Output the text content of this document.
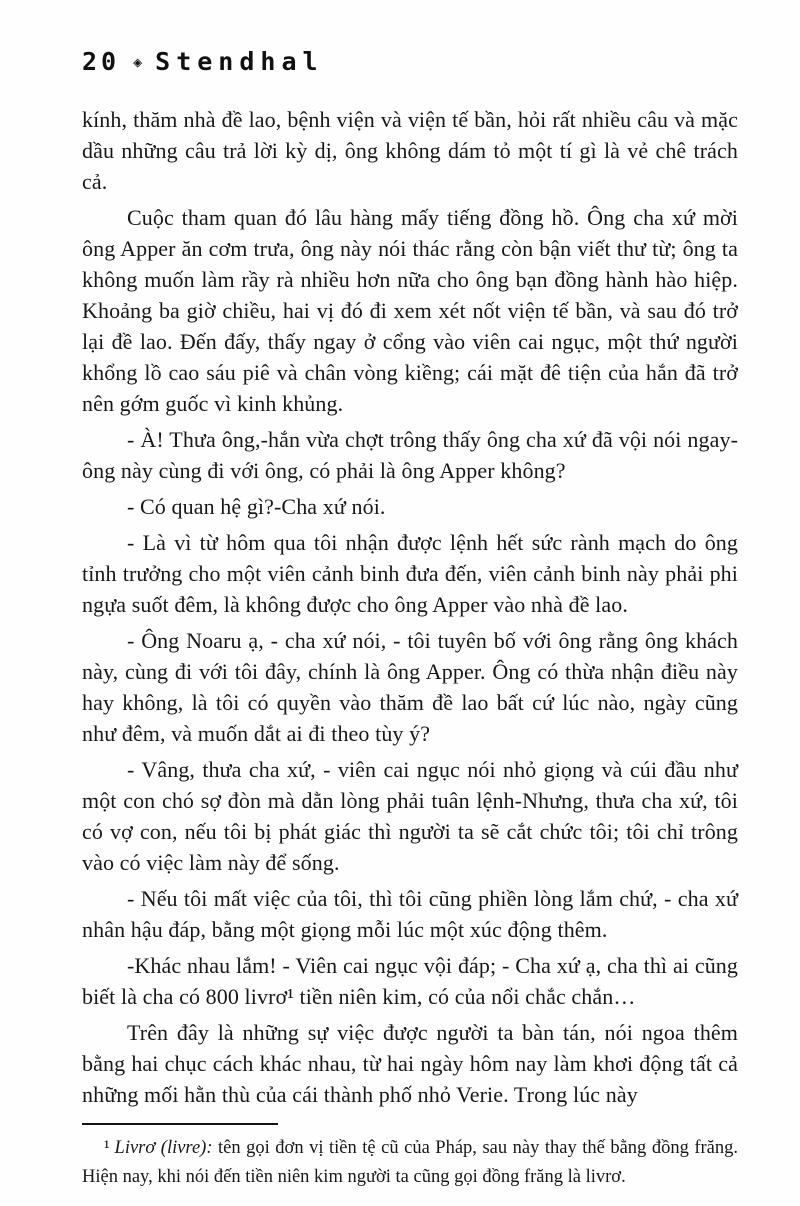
20 ◈ Stendhal

kính, thăm nhà đề lao, bệnh viện và viện tế bần, hỏi rất nhiều câu và mặc dầu những câu trả lời kỳ dị, ông không dám tỏ một tí gì là vẻ chê trách cả.

Cuộc tham quan đó lâu hàng mấy tiếng đồng hồ. Ông cha xứ mời ông Apper ăn cơm trưa, ông này nói thác rằng còn bận viết thư từ; ông ta không muốn làm rầy rà nhiều hơn nữa cho ông bạn đồng hành hào hiệp. Khoảng ba giờ chiều, hai vị đó đi xem xét nốt viện tế bần, và sau đó trở lại đề lao. Đến đấy, thấy ngay ở cổng vào viên cai ngục, một thứ người khổng lồ cao sáu piê và chân vòng kiềng; cái mặt đê tiện của hắn đã trở nên gớm guốc vì kinh khủng.

- À! Thưa ông,-hắn vừa chợt trông thấy ông cha xứ đã vội nói ngay-ông này cùng đi với ông, có phải là ông Apper không?

- Có quan hệ gì?-Cha xứ nói.

- Là vì từ hôm qua tôi nhận được lệnh hết sức rành mạch do ông tỉnh trưởng cho một viên cảnh binh đưa đến, viên cảnh binh này phải phi ngựa suốt đêm, là không được cho ông Apper vào nhà đề lao.

- Ông Noaru ạ, - cha xứ nói, - tôi tuyên bố với ông rằng ông khách này, cùng đi với tôi đây, chính là ông Apper. Ông có thừa nhận điều này hay không, là tôi có quyền vào thăm đề lao bất cứ lúc nào, ngày cũng như đêm, và muốn dắt ai đi theo tùy ý?

- Vâng, thưa cha xứ, - viên cai ngục nói nhỏ giọng và cúi đầu như một con chó sợ đòn mà dằn lòng phải tuân lệnh-Nhưng, thưa cha xứ, tôi có vợ con, nếu tôi bị phát giác thì người ta sẽ cắt chức tôi; tôi chỉ trông vào có việc làm này để sống.

- Nếu tôi mất việc của tôi, thì tôi cũng phiền lòng lắm chứ, - cha xứ nhân hậu đáp, bằng một giọng mỗi lúc một xúc động thêm.

-Khác nhau lắm! - Viên cai ngục vội đáp; - Cha xứ ạ, cha thì ai cũng biết là cha có 800 livrơ¹ tiền niên kim, có của nổi chắc chắn…

Trên đây là những sự việc được người ta bàn tán, nói ngoa thêm bằng hai chục cách khác nhau, từ hai ngày hôm nay làm khơi động tất cả những mối hằn thù của cái thành phố nhỏ Verie. Trong lúc này

¹ Livrơ (livre): tên gọi đơn vị tiền tệ cũ của Pháp, sau này thay thế bằng đồng frăng. Hiện nay, khi nói đến tiền niên kim người ta cũng gọi đồng frăng là livrơ.
